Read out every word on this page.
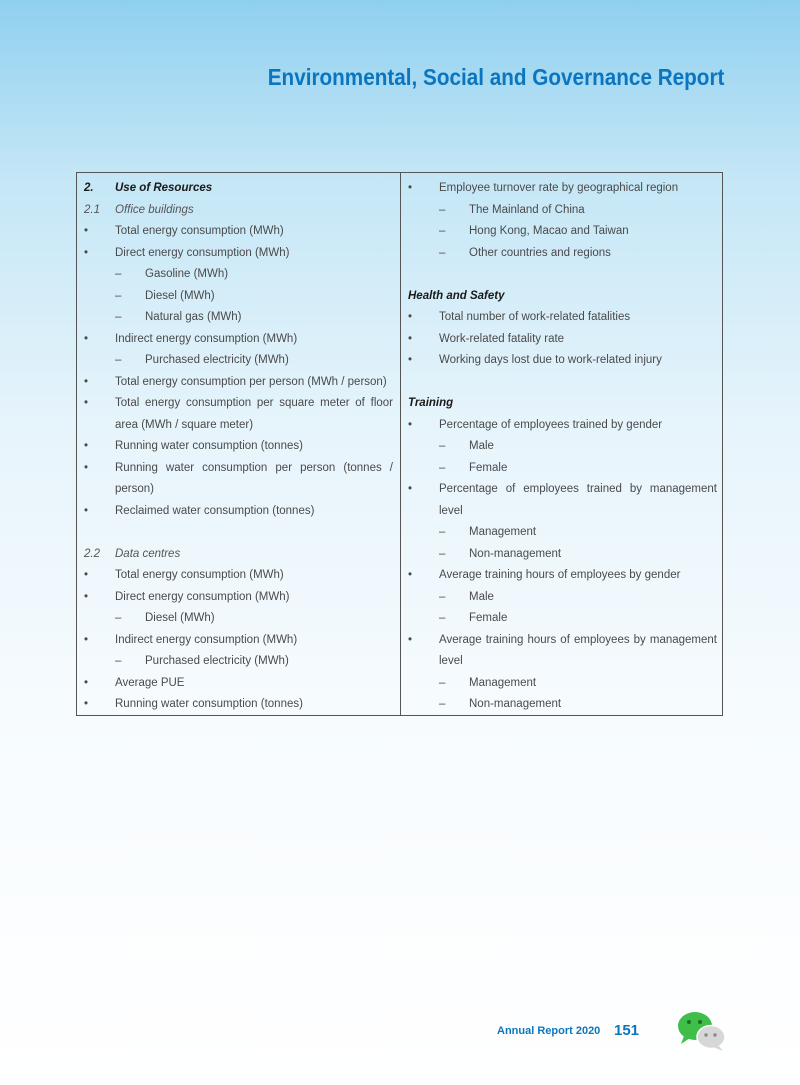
Environmental, Social and Governance Report
2. Use of Resources
2.1 Office buildings
• Total energy consumption (MWh)
• Direct energy consumption (MWh)
– Gasoline (MWh)
– Diesel (MWh)
– Natural gas (MWh)
• Indirect energy consumption (MWh)
– Purchased electricity (MWh)
• Total energy consumption per person (MWh / person)
• Total energy consumption per square meter of floor
area (MWh / square meter)
• Running water consumption (tonnes)
• Running water consumption per person (tonnes /
person)
• Reclaimed water consumption (tonnes)
2.2 Data centres
• Total energy consumption (MWh)
• Direct energy consumption (MWh)
– Diesel (MWh)
• Indirect energy consumption (MWh)
– Purchased electricity (MWh)
• Average PUE
• Running water consumption (tonnes)
• Employee turnover rate by geographical region
– The Mainland of China
– Hong Kong, Macao and Taiwan
– Other countries and regions
Health and Safety
• Total number of work-related fatalities
• Work-related fatality rate
• Working days lost due to work-related injury
Training
• Percentage of employees trained by gender
– Male
– Female
• Percentage of employees trained by management
level
– Management
– Non-management
• Average training hours of employees by gender
– Male
– Female
• Average training hours of employees by management
level
– Management
– Non-management
Annual Report 2020 151
